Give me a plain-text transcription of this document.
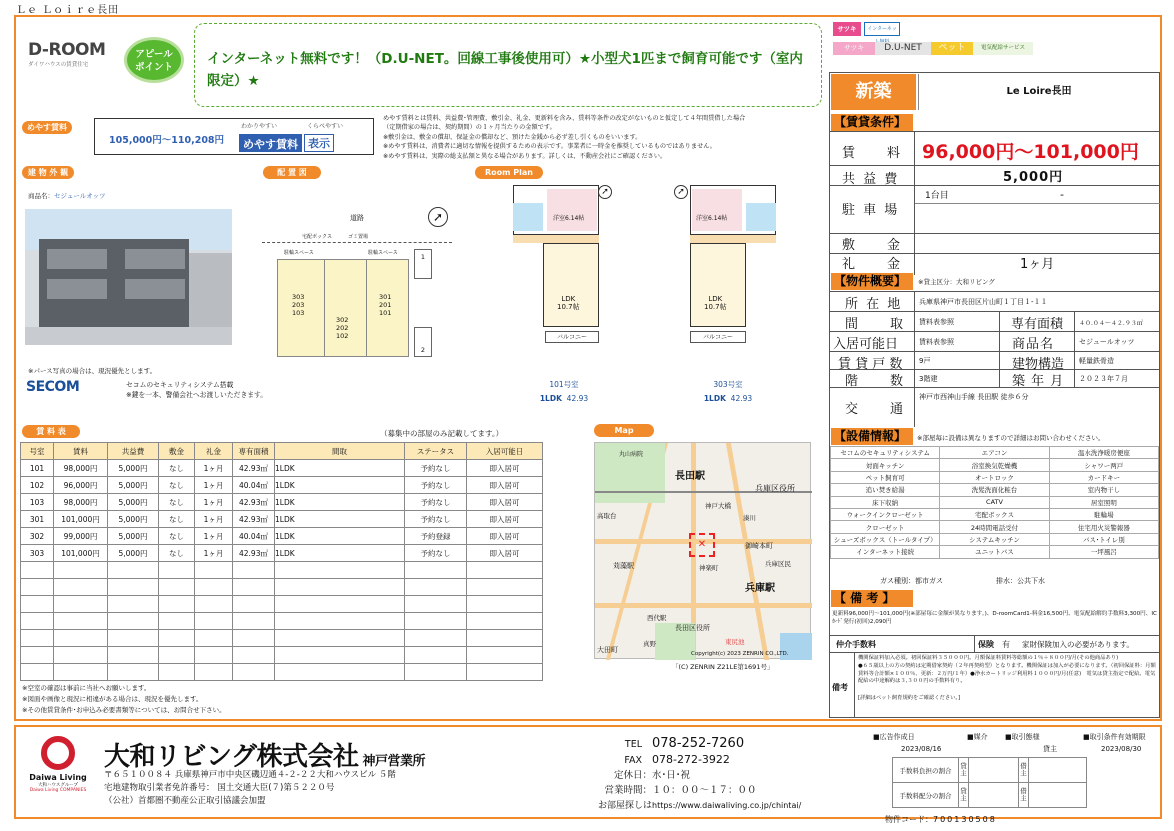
Ｌｅ Ｌｏｉｒｅ長田
D-ROOM
ダイワハウスの賃貸住宅
アピール
ポイント
インターネット無料です！（D.U-NET。回線工事後使用可）★小型犬1匹まで飼育可能です（室内限定）★
サツキ	インターネッ
サツキ	D.U-NET	ペット	電気配給サービス
めやす賃料
105,000円〜110,208円
わかりやすい	くらべやすい
めやす賃料 表示
めやす賃料とは賃料、共益費･管理費、敷引金、礼金、更新料を含み、賃料等条件の改定がないものと仮定して４年間賃借した場合
（定期借家の場合は、契約期間）の１ヶ月当たりの金額です。
※敷引金は、敷金の償却、保証金の償却など、預けた金銭から必ず差し引くものをいいます。
※めやす賃料は、消費者に適切な情報を提供するための表示です。事業者に一時金を推奨しているものではありません。
※めやす賃料は、実際の総支払額と異なる場合があります。詳しくは、不動産会社にご確認ください。
建 物 外 観
商品名：セジュールオッツ
※パース写真の場合は、現況優先とします。
配 置 図
道路
宅配ボックス	ゴミ置場
駐輪スペース	駐輪スペース
303
203
103
302
202
102
301
201
101
1
2
➚
Room Plan
洋室6.14帖
LDK
10.7帖
バルコニー
➚
洋室6.14帖
LDK
10.7帖
バルコニー
➚
101号室
1LDK 42.93
303号室
1LDK 42.93
SECOM	セコムのセキュリティシステム搭載
※鍵を一本、警備会社へお渡しいただきます。
賃 料 表	（募集中の部屋のみ記載してます。）
号室	賃料	共益費	敷金	礼金	専有面積	間取	ステータス	入居可能日
101	98,000円	5,000円	なし	1ヶ月	42.93㎡	1LDK	予約なし	即入居可
102	96,000円	5,000円	なし	1ヶ月	40.04㎡	1LDK	予約なし	即入居可
103	98,000円	5,000円	なし	1ヶ月	42.93㎡	1LDK	予約なし	即入居可
301	101,000円	5,000円	なし	1ヶ月	42.93㎡	1LDK	予約なし	即入居可
302	99,000円	5,000円	なし	1ヶ月	40.04㎡	1LDK	予約登録	即入居可
303	101,000円	5,000円	なし	1ヶ月	42.93㎡	1LDK	予約なし	即入居可

※空室の確認は事前に当社へお願いします。
※図面や画像と現況に相違がある場合は、現況を優先します。
※その他賃貸条件･お申込み必要書類等については、お問合せ下さい。
Map
長田駅
丸山病院
兵庫区役所
神戸大橋
苅藻駅
兵庫駅
長田区役所
西代駅
大田町
真野	東尻池
湊川
御崎本町
高取台
神楽町	兵庫区民
✕
Copyright(c) 2023 ZENRIN CO.,LTD.
「(C) ZENRIN Z21LE第1691号」
新築	Le Loire長田
【賃貸条件】
賃　　料 96,000円〜101,000円
共 益 費	5,000円
駐 車 場
1台目	-
敷　　金
礼　　金	1ヶ月
【物件概要】	※貸主区分：大和リビング
所 在 地 兵庫県神戸市長田区片山町１丁目１-１１
間　　取 賃料表参照	専有面積	４０.０４〜４２.９３㎡
入居可能日	賃料表参照	商品名	セジュールオッツ
賃 貸 戸 数 9戸	建物構造 軽量鉄骨造
階　　数 3階建	築 年 月 ２０２３年７月
交　　通
神戸市西神山手線 長田駅 徒歩６分
【設備情報】	※部屋毎に設備は異なりますので詳細はお問い合わせください。
セコムのセキュリティシステム	エアコン	温水洗浄暖房便座
対面キッチン	浴室換気乾燥機	シャワー两戸
ペット飼育可	オートロック	カードキー
追い焚き給湯	洗髪洗面化粧台	室内物干し
床下収納	CATV	居室照明
ウォークインクローゼット	宅配ボックス	駐輪場
クローゼット	24時間電話受付	住宅用火災警報器
シューズボックス（トールタイプ）	システムキッチン	バス･トイレ別
インターネット接続	ユニットバス	一坪風呂
ガス種別：都市ガス	排水：公共下水
【 備 考 】
更新料96,000円〜101,000円(※部屋毎に金額が異なります。)、D-roomCard1-料金16,500円、電気配給解約手数料3,300円、ICｶｰﾄﾞ発行(初回)2,090円
仲介手数料	保険 有 家財保険加入の必要があります。
備考
機関保証料加入必須。初回保証料３５０００円。月額保証料賃料等総額の１％＋８００円/月(その他商品あり)
●６５歳以上の方の契約は定期借家契約（２年再契約型）となります。機関保証は加入が必要になります。（初回保証料：月額賃料等合計額×１００％、更新：２万円/１年）●浄水カートリッジ利用料１０００円/月(任意)　電気は貸主指定で配給。電気配給の中途解約は３,３００円の手数料有り。
[詳細はペット飼育規約をご確認ください。]
Daiwa Living
大和ハウスグループ
Daiwa Living COMPANIES
大和リビング株式会社 神戸営業所
〒６５１００８４ 兵庫県神戸市中央区磯辺通４-２-２２大和ハウスビル ５階
宅地建物取引業者免許番号： 国土交通大臣(７)第５２２０号
（公社）首都圏不動産公正取引協議会加盟
TEL 078-252-7260
FAX 078-272-3922
定休日：水･日･祝
営業時間：１０：００〜１７：００
お部屋探しはhttps://www.daiwaliving.co.jp/chintai/
■広告作成日
2023/08/16
■媒介 ■取引態様
貸主
■取引条件有効期限
2023/08/30
手数料負担の割合	貸主		借主	
手数料配分の割合	貸主		借主	
物件コード：700130508
